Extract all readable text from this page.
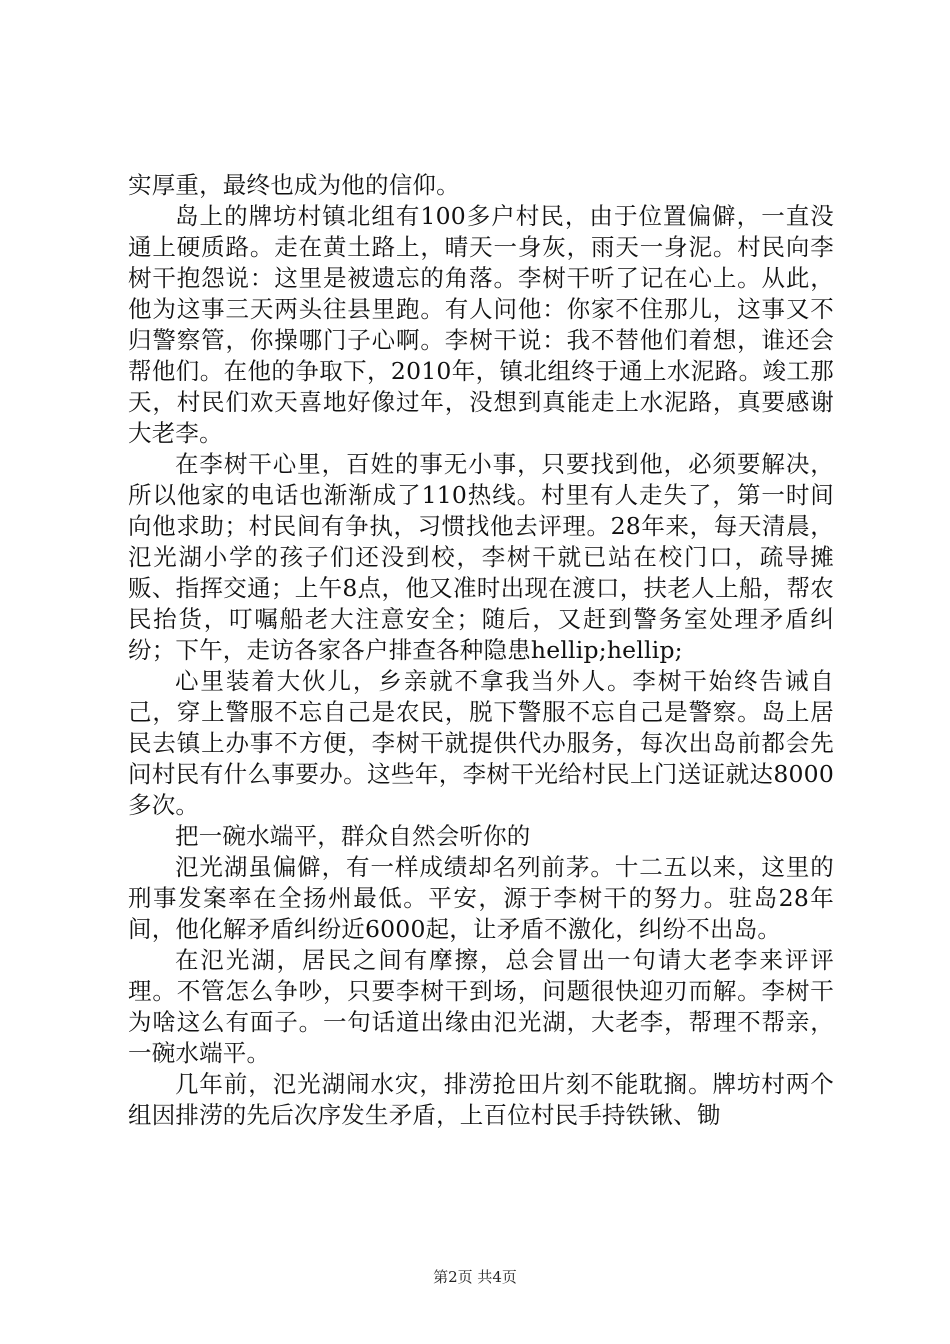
实厚重，最终也成为他的信仰。

岛上的牌坊村镇北组有100多户村民，由于位置偏僻，一直没通上硬质路。走在黄土路上，晴天一身灰，雨天一身泥。村民向李树干抱怨说：这里是被遗忘的角落。李树干听了记在心上。从此，他为这事三天两头往县里跑。有人问他：你家不住那儿，这事又不归警察管，你操哪门子心啊。李树干说：我不替他们着想，谁还会帮他们。在他的争取下，2010年，镇北组终于通上水泥路。竣工那天，村民们欢天喜地好像过年，没想到真能走上水泥路，真要感谢大老李。

在李树干心里，百姓的事无小事，只要找到他，必须要解决，所以他家的电话也渐渐成了110热线。村里有人走失了，第一时间向他求助；村民间有争执，习惯找他去评理。28年来，每天清晨，氾光湖小学的孩子们还没到校，李树干就已站在校门口，疏导摊贩、指挥交通；上午8点，他又准时出现在渡口，扶老人上船，帮农民抬货，叮嘱船老大注意安全；随后，又赶到警务室处理矛盾纠纷；下午，走访各家各户排查各种隐患hellip;hellip;

心里装着大伙儿，乡亲就不拿我当外人。李树干始终告诫自己，穿上警服不忘自己是农民，脱下警服不忘自己是警察。岛上居民去镇上办事不方便，李树干就提供代办服务，每次出岛前都会先问村民有什么事要办。这些年，李树干光给村民上门送证就达8000多次。

把一碗水端平，群众自然会听你的

氾光湖虽偏僻，有一样成绩却名列前茅。十二五以来，这里的刑事发案率在全扬州最低。平安，源于李树干的努力。驻岛28年间，他化解矛盾纠纷近6000起，让矛盾不激化，纠纷不出岛。

在氾光湖，居民之间有摩擦，总会冒出一句请大老李来评评理。不管怎么争吵，只要李树干到场，问题很快迎刃而解。李树干为啥这么有面子。一句话道出缘由氾光湖，大老李，帮理不帮亲，一碗水端平。

几年前，氾光湖闹水灾，排涝抢田片刻不能耽搁。牌坊村两个组因排涝的先后次序发生矛盾，上百位村民手持铁锹、锄

第2页 共4页
